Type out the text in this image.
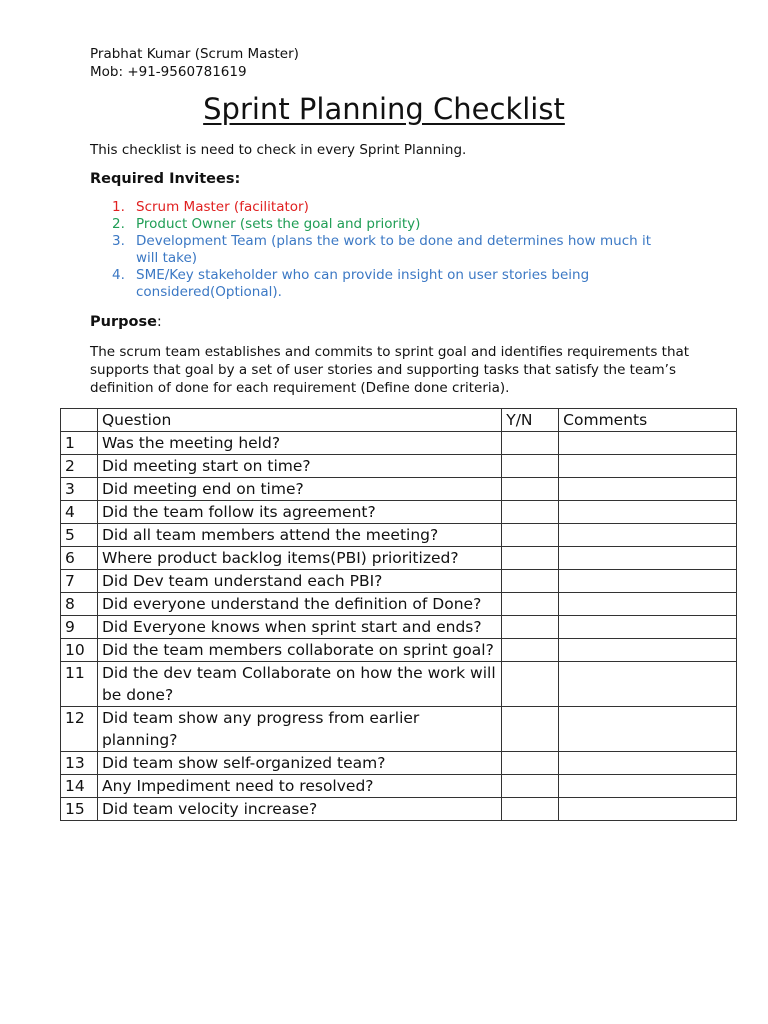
Prabhat Kumar (Scrum Master)
Mob: +91-9560781619
Sprint Planning Checklist
This checklist is need to check in every Sprint Planning.
Required Invitees:
1. Scrum Master (facilitator)
2. Product Owner (sets the goal and priority)
3. Development Team (plans the work to be done and determines how much it will take)
4. SME/Key stakeholder who can provide insight on user stories being considered(Optional).
Purpose:
The scrum team establishes and commits to sprint goal and identifies requirements that supports that goal by a set of user stories and supporting tasks that satisfy the team’s definition of done for each requirement (Define done criteria).
	Question	Y/N	Comments
1	Was the meeting held?		
2	Did meeting start on time?		
3	Did meeting end on time?		
4	Did the team follow its agreement?		
5	Did all team members attend the meeting?		
6	Where product backlog items(PBI) prioritized?		
7	Did Dev team understand each PBI?		
8	Did everyone understand the definition of Done?		
9	Did Everyone knows when sprint start and ends?		
10	Did the team members collaborate on sprint goal?		
11	Did the dev team Collaborate on how the work will be done?		
12	Did team show any progress from earlier planning?		
13	Did team show self-organized team?		
14	Any Impediment need to resolved?		
15	Did team velocity increase?		
